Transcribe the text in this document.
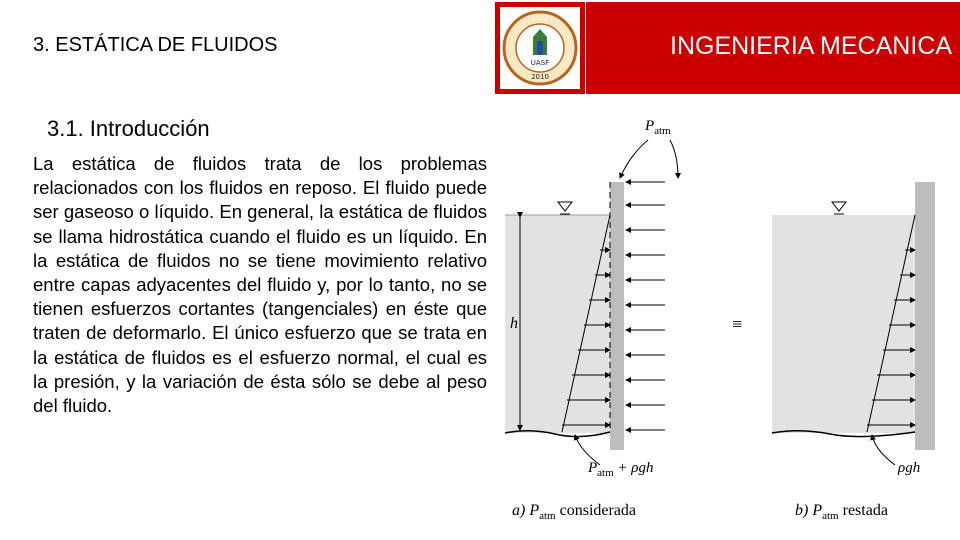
3. ESTÁTICA DE FLUIDOS
UASF
2010
INGENIERIA MECANICA
3.1. Introducción
La estática de fluidos trata de los problemas relacionados con los fluidos en reposo. El fluido puede ser gaseoso o líquido. En general, la estática de fluidos se llama hidrostática cuando el fluido es un líquido. En la estática de fluidos no se tiene movimiento relativo entre capas adyacentes del fluido y, por lo tanto, no se tienen esfuerzos cortantes (tangenciales) en éste que traten de deformarlo. El único esfuerzo que se trata en la estática de fluidos es el esfuerzo normal, el cual es la presión, y la variación de ésta sólo se debe al peso del fluido.
h
$P_{atm}$
$P_{atm} + \rho gh$
a) $P_{atm}$ considerada
≡
ρgh
b) $P_{atm}$ restada
